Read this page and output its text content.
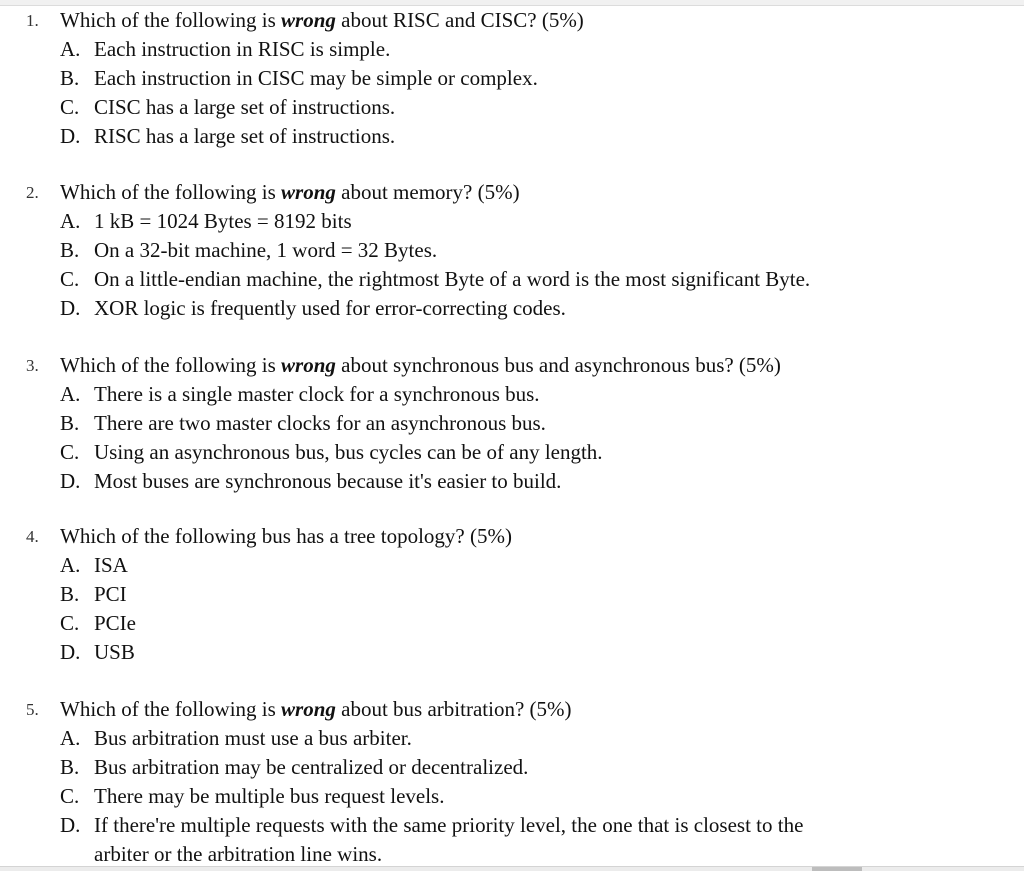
1. Which of the following is wrong about RISC and CISC? (5%)
A. Each instruction in RISC is simple.
B. Each instruction in CISC may be simple or complex.
C. CISC has a large set of instructions.
D. RISC has a large set of instructions.
2. Which of the following is wrong about memory? (5%)
A. 1 kB = 1024 Bytes = 8192 bits
B. On a 32-bit machine, 1 word = 32 Bytes.
C. On a little-endian machine, the rightmost Byte of a word is the most significant Byte.
D. XOR logic is frequently used for error-correcting codes.
3. Which of the following is wrong about synchronous bus and asynchronous bus? (5%)
A. There is a single master clock for a synchronous bus.
B. There are two master clocks for an asynchronous bus.
C. Using an asynchronous bus, bus cycles can be of any length.
D. Most buses are synchronous because it's easier to build.
4. Which of the following bus has a tree topology? (5%)
A. ISA
B. PCI
C. PCIe
D. USB
5. Which of the following is wrong about bus arbitration? (5%)
A. Bus arbitration must use a bus arbiter.
B. Bus arbitration may be centralized or decentralized.
C. There may be multiple bus request levels.
D. If there're multiple requests with the same priority level, the one that is closest to the
arbiter or the arbitration line wins.
